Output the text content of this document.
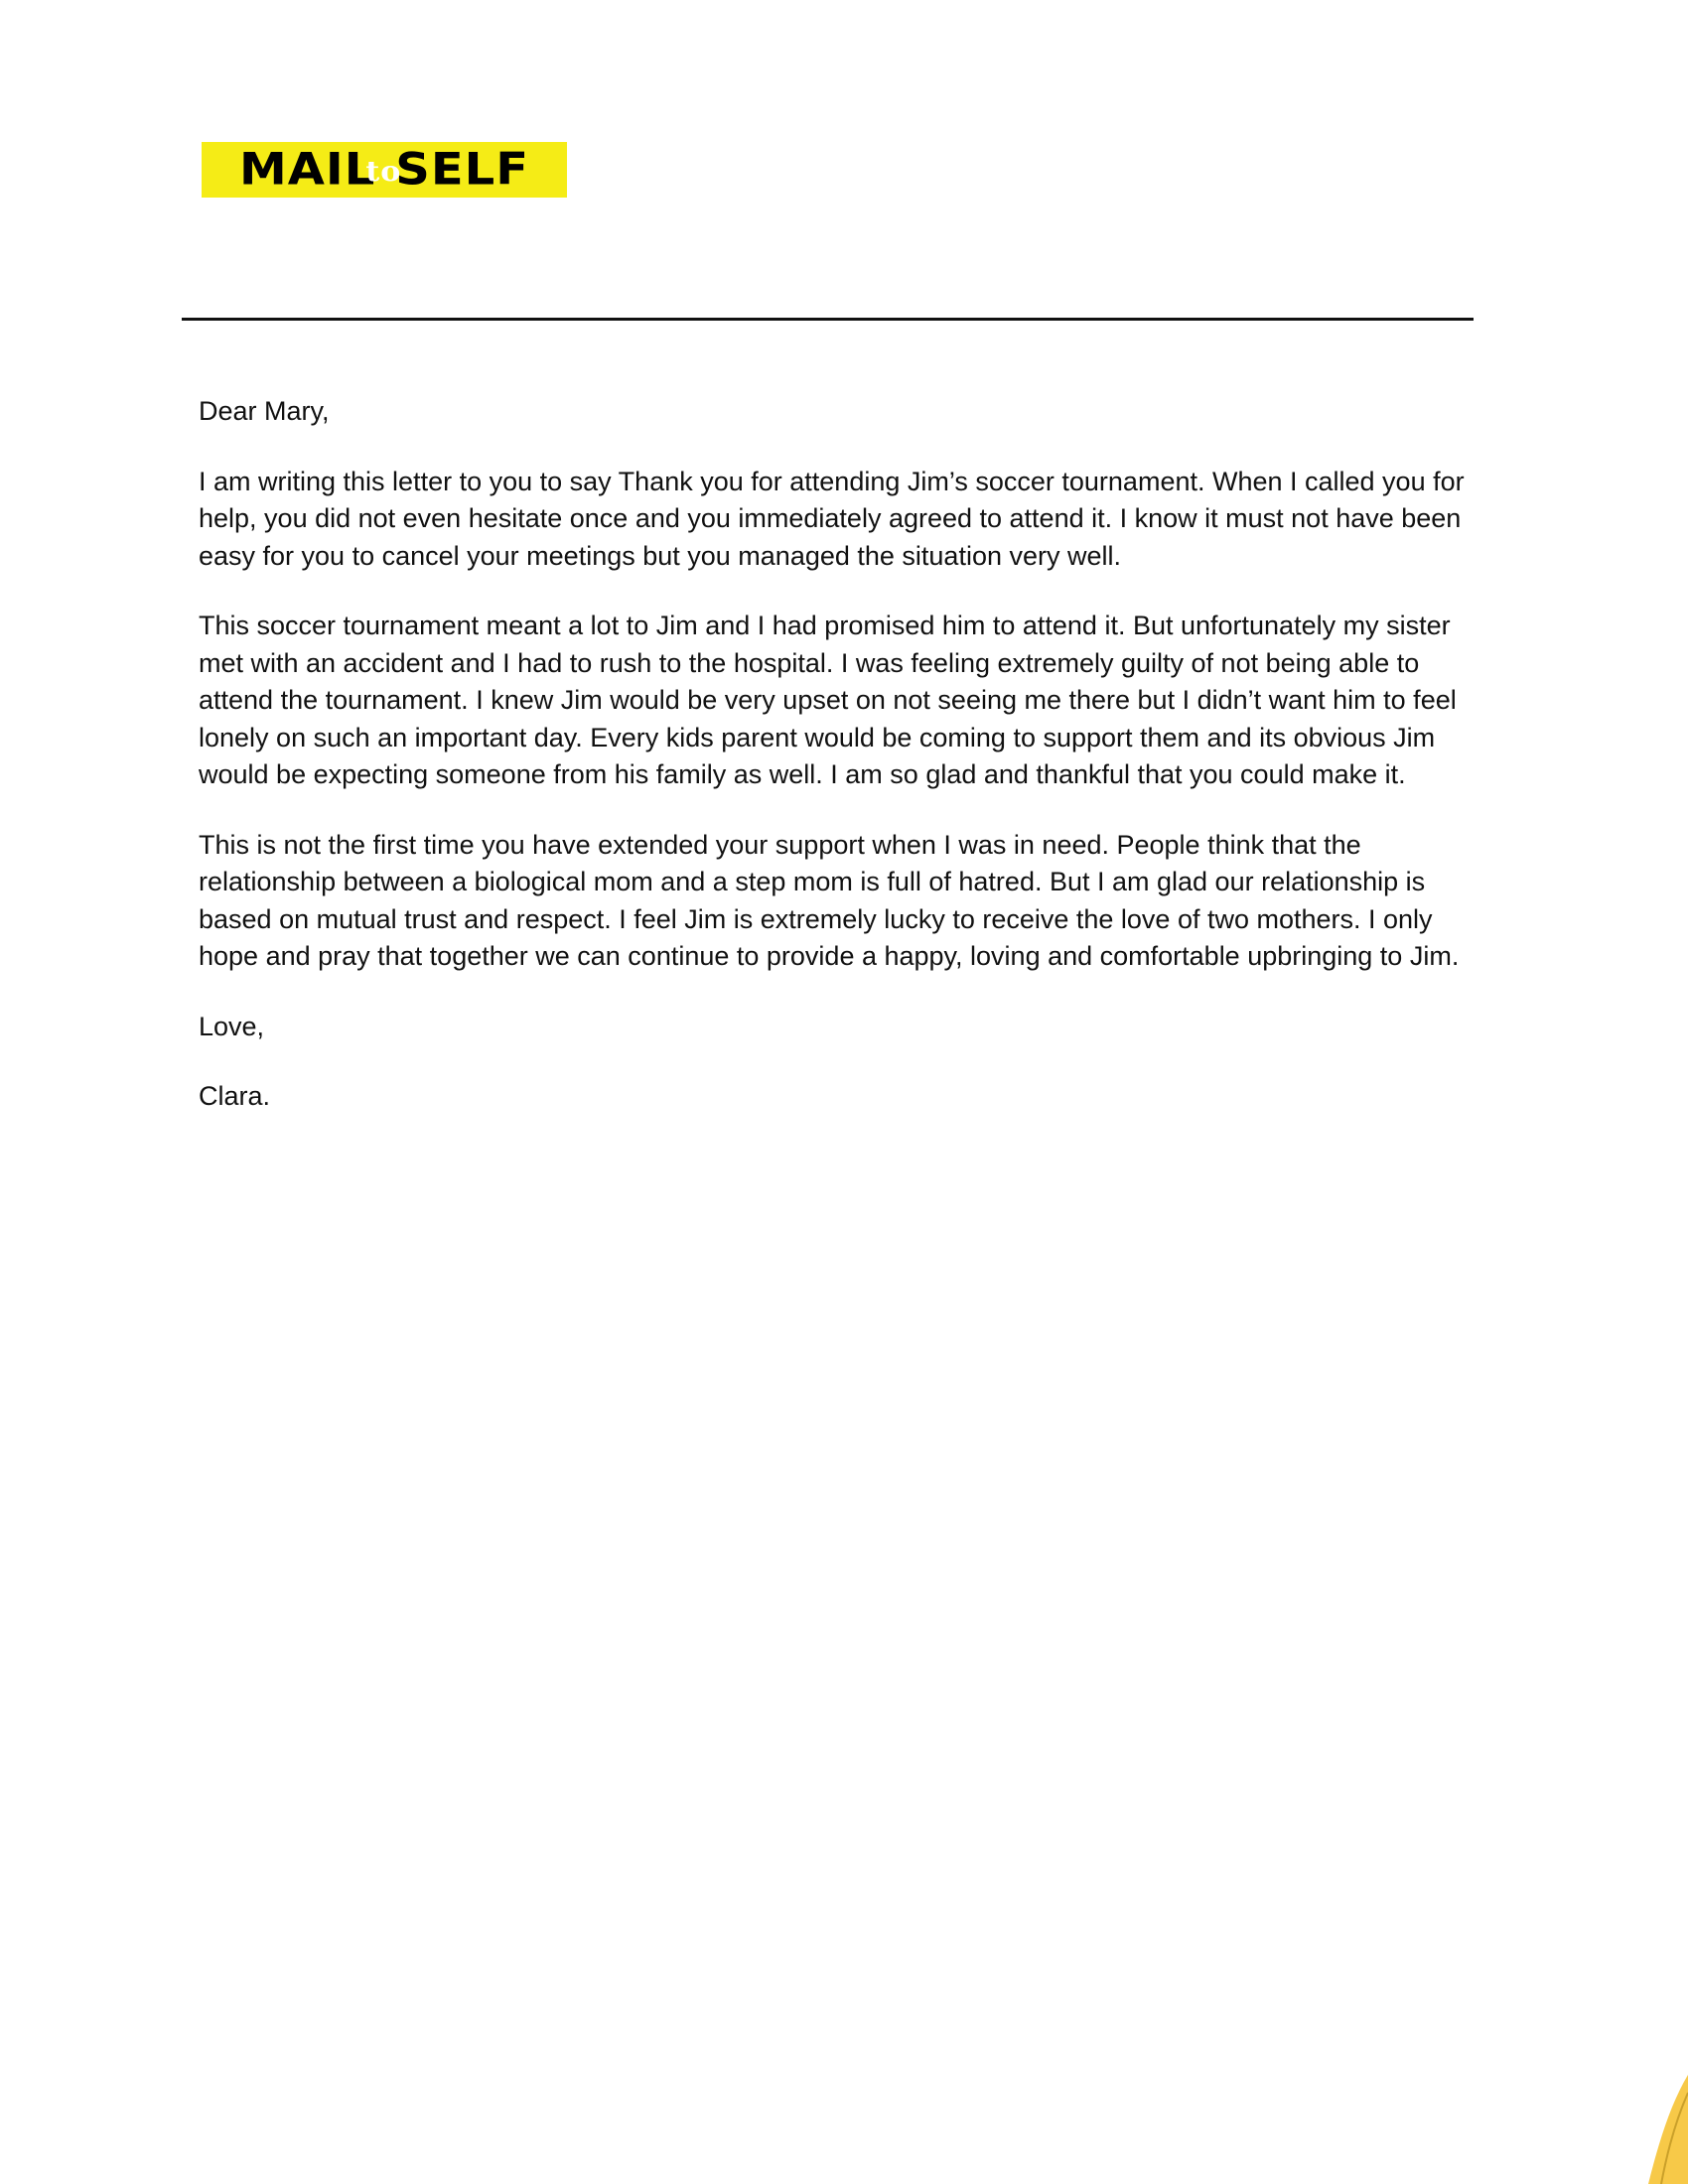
MAILtoSELF

Dear Mary,

I am writing this letter to you to say Thank you for attending Jim’s soccer tournament. When I called you for help, you did not even hesitate once and you immediately agreed to attend it. I know it must not have been easy for you to cancel your meetings but you managed the situation very well.

This soccer tournament meant a lot to Jim and I had promised him to attend it. But unfortunately my sister met with an accident and I had to rush to the hospital. I was feeling extremely guilty of not being able to attend the tournament. I knew Jim would be very upset on not seeing me there but I didn’t want him to feel lonely on such an important day. Every kids parent would be coming to support them and its obvious Jim would be expecting someone from his family as well. I am so glad and thankful that you could make it.

This is not the first time you have extended your support when I was in need. People think that the relationship between a biological mom and a step mom is full of hatred. But I am glad our relationship is based on mutual trust and respect. I feel Jim is extremely lucky to receive the love of two mothers. I only hope and pray that together we can continue to provide a happy, loving and comfortable upbringing to Jim.

Love,

Clara.
